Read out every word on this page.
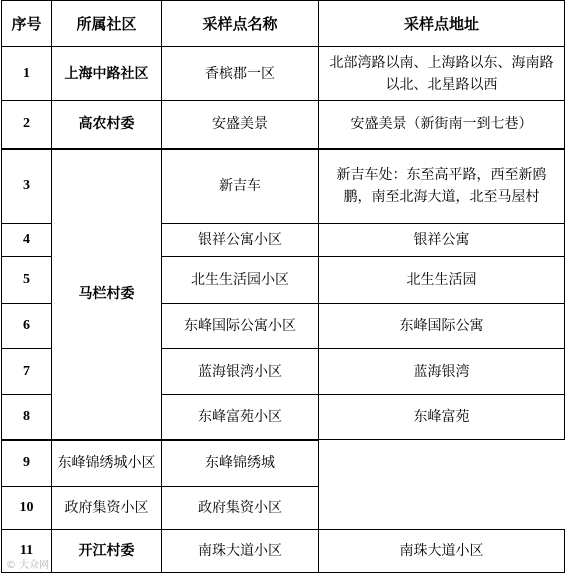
序号	所属社区	采样点名称	采样点地址
1	上海中路社区	香槟郡一区	北部湾路以南、上海路以东、海南路以北、北星路以西
2	高农村委	安盛美景	安盛美景（新街南一到七巷）
3	马栏村委	新吉车	新吉车处：东至高平路，西至新鸥鹏，南至北海大道，北至马屋村
4		银祥公寓小区	银祥公寓
5		北生生活园小区	北生生活园
6		东峰国际公寓小区	东峰国际公寓
7		蓝海银湾小区	蓝海银湾
8		东峰富苑小区	东峰富苑
9	东峰锦绣城小区	东峰锦绣城	
10	政府集资小区	政府集资小区	
11	开江村委	南珠大道小区	南珠大道小区
© 大众网
